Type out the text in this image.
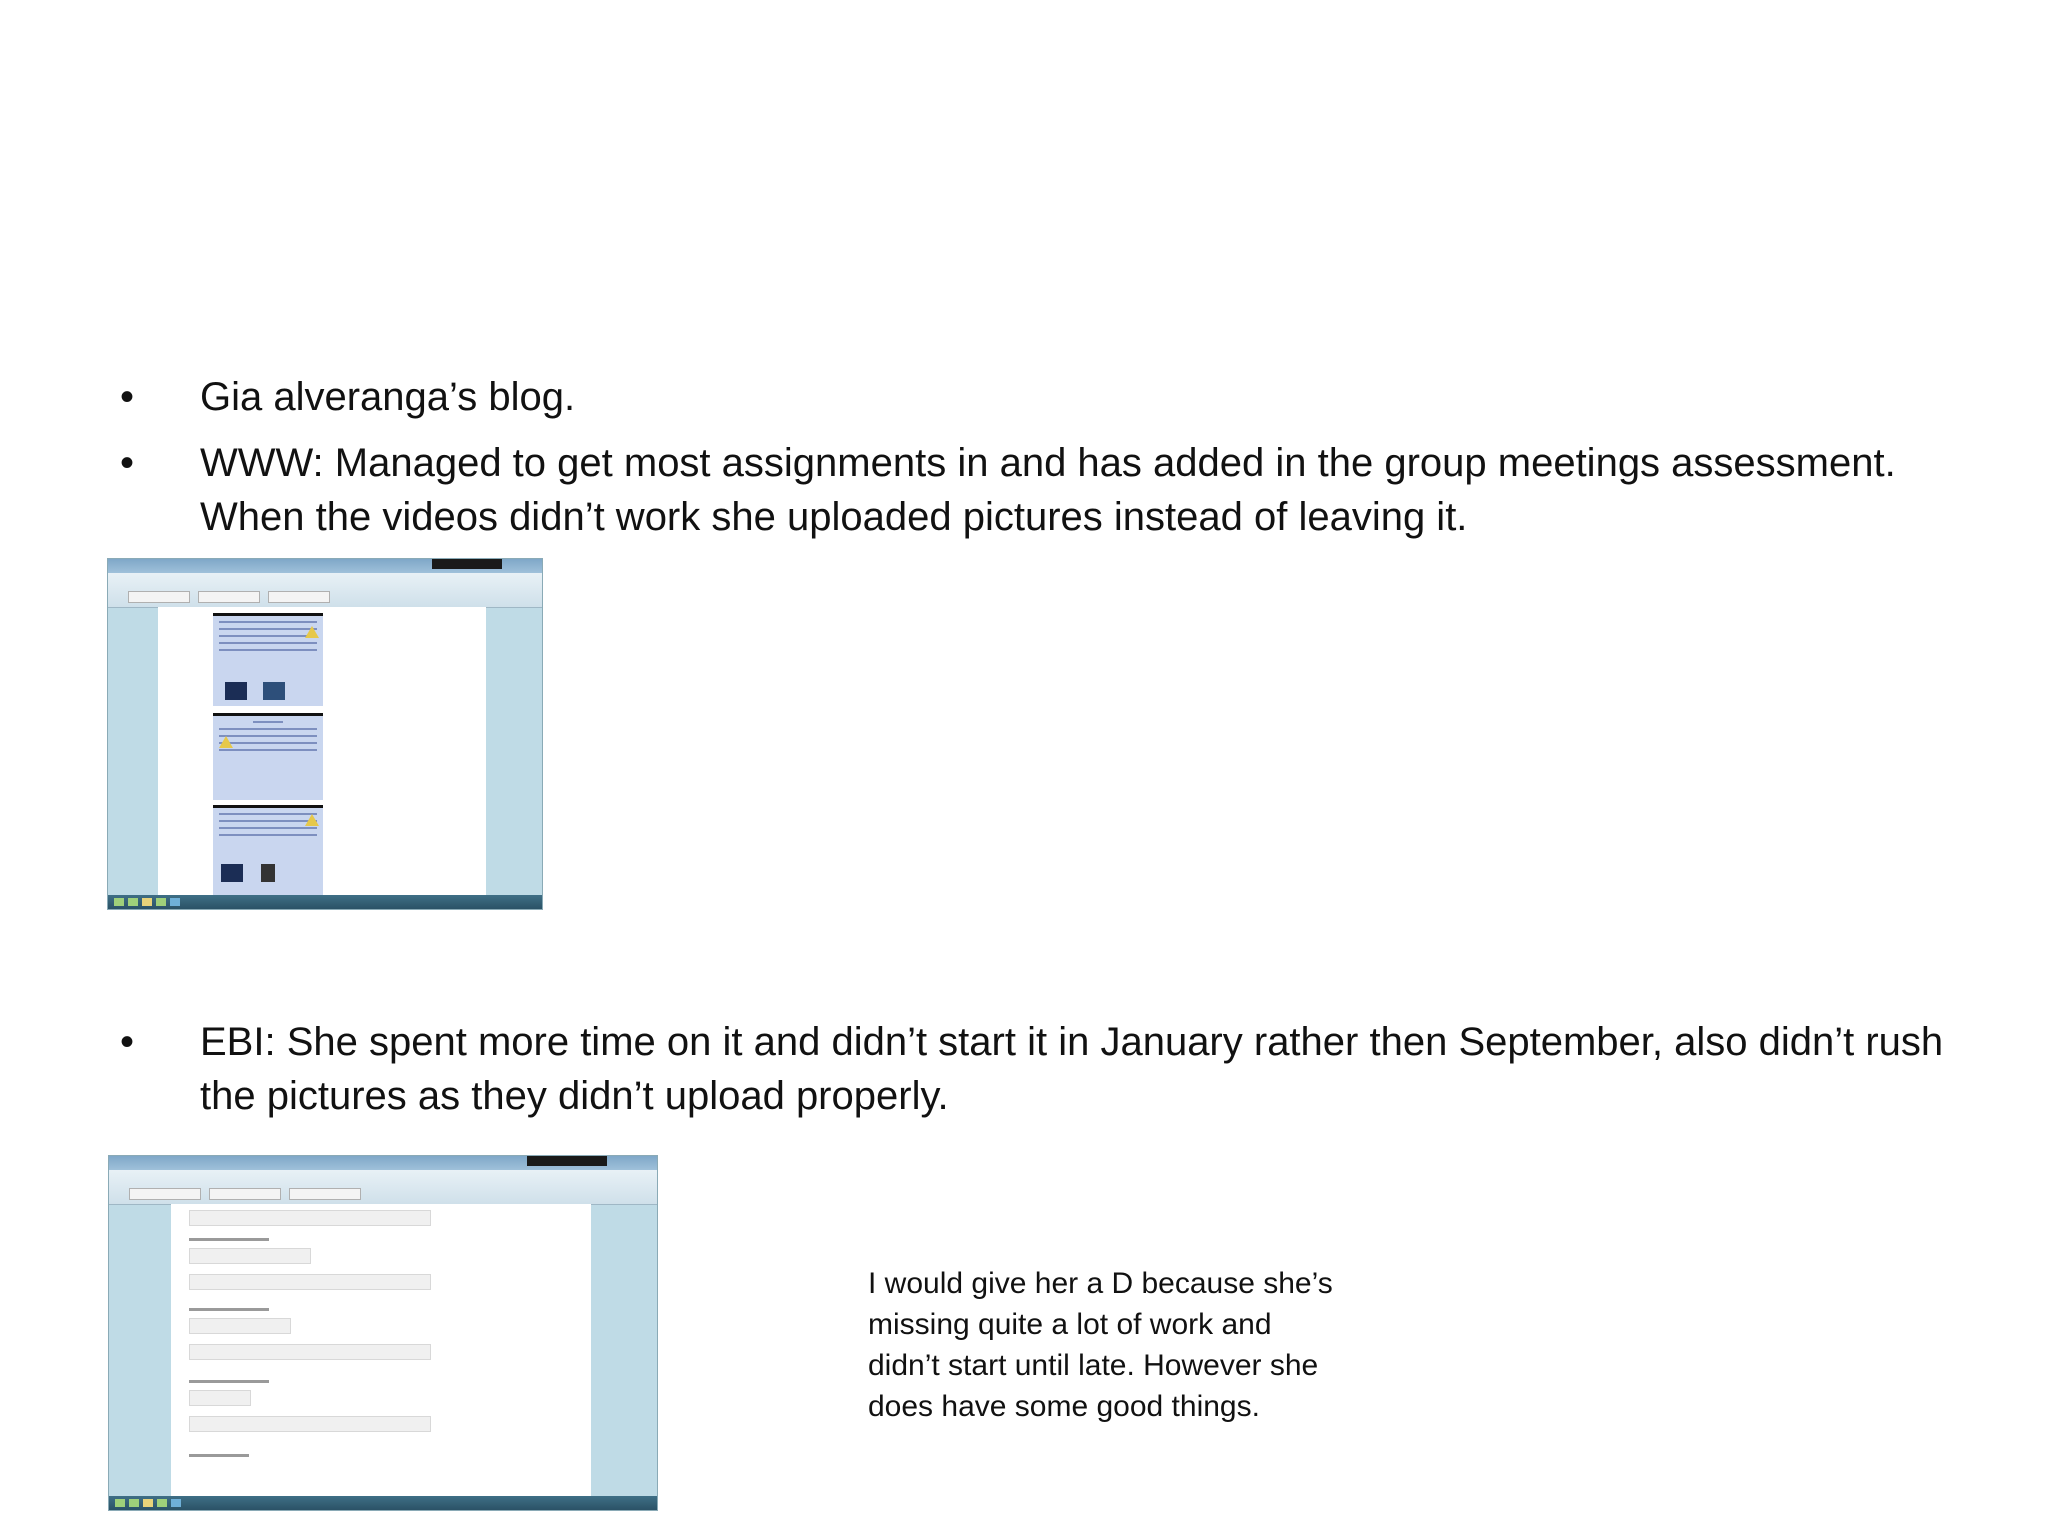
• Gia alveranga’s blog.
• WWW: Managed to get most assignments in and has added in the group meetings assessment. When the videos didn’t work she uploaded pictures instead of leaving it.
• EBI: She spent more time on it and didn’t start it in January rather then September, also didn’t rush the pictures as they didn’t upload properly.
I would give her a D because she’s missing quite a lot of work and didn’t start until late. However she does have some good things.
